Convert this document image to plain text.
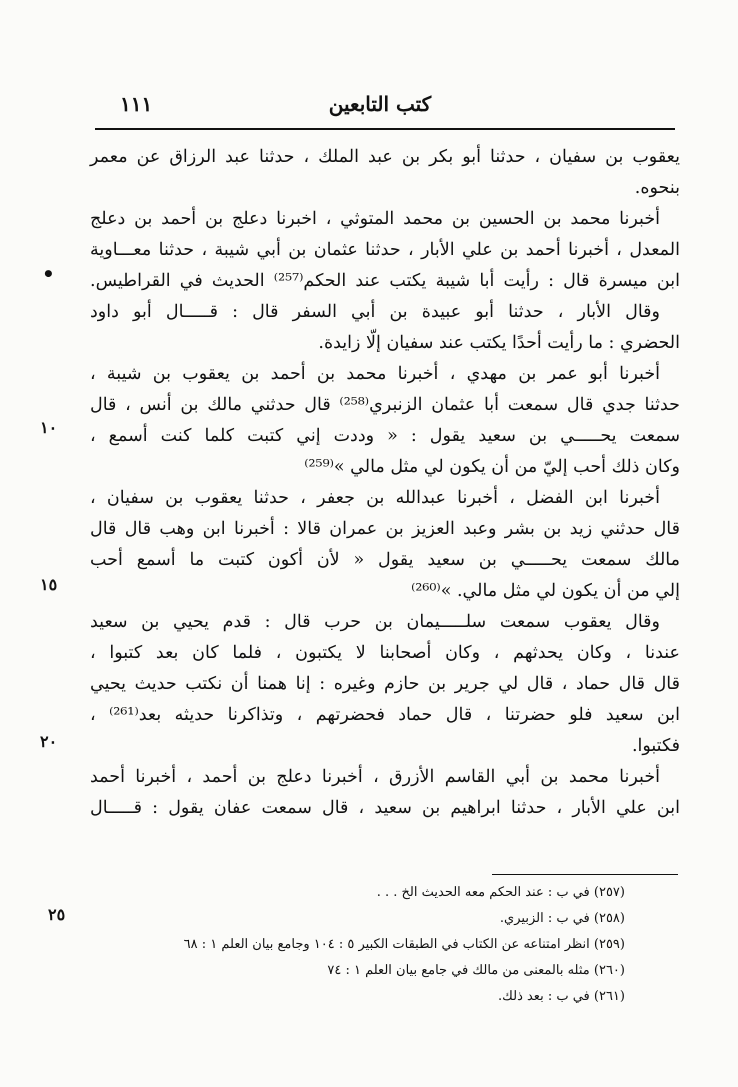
كتب التابعين
١١١
يعقوب بن سفيان ، حدثنا أبو بكر بن عبد الملك ، حدثنا عبد الرزاق عن معمر
بنحوه.
أخبرنا محمد بن الحسين بن محمد المتوثي ، اخبرنا دعلج بن أحمد بن دعلج
المعدل ، أخبرنا أحمد بن علي الأبار ، حدثنا عثمان بن أبي شيبة ، حدثنا معـــاوية
ابن ميسرة قال : رأيت أبا شيبة يكتب عند الحكم⁽²⁵⁷⁾ الحديث في القراطيس.
وقال الأبار ، حدثنا أبو عبيدة بن أبي السفر قال : قـــــال أبو داود
الحضري : ما رأيت أحدًا يكتب عند سفيان إلّا زايدة.
أخبرنا أبو عمر بن مهدي ، أخبرنا محمد بن أحمد بن يعقوب بن شيبة ،
حدثنا جدي قال سمعت أبا عثمان الزنبري⁽²⁵⁸⁾ قال حدثني مالك بن أنس ، قال
سمعت يحـــــي بن سعيد يقول : « وددت إني كتبت كلما كنت أسمع ،
وكان ذلك أحب إليّ من أن يكون لي مثل مالي »⁽²⁵⁹⁾
أخبرنا ابن الفضل ، أخبرنا عبدالله بن جعفر ، حدثنا يعقوب بن سفيان ،
قال حدثني زيد بن بشر وعبد العزيز بن عمران قالا : أخبرنا ابن وهب قال قال
مالك سمعت يحـــــي بن سعيد يقول « لأن أكون كتبت ما أسمع أحب
إلي من أن يكون لي مثل مالي. »⁽²⁶⁰⁾
وقال يعقوب سمعت سلـــــيمان بن حرب قال : قدم يحيي بن سعيد
عندنا ، وكان يحدثهم ، وكان أصحابنا لا يكتبون ، فلما كان بعد كتبوا ،
قال قال حماد ، قال لي جرير بن حازم وغيره : إنا همنا أن نكتب حديث يحيي
ابن سعيد فلو حضرتنا ، قال حماد فحضرتهم ، وتذاكرنا حديثه بعد⁽²⁶¹⁾ ،
فكتبوا.
أخبرنا محمد بن أبي القاسم الأزرق ، أخبرنا دعلج بن أحمد ، أخبرنا أحمد
ابن علي الأبار ، حدثنا ابراهيم بن سعيد ، قال سمعت عفان يقول : قـــــال
•
١٠
١٥
٢٠
٢٥
(٢٥٧) في ب : عند الحكم معه الحديث الخ . . .
(٢٥٨) في ب : الزبيري.
(٢٥٩) انظر امتناعه عن الكتاب في الطبقات الكبير ٥ : ١٠٤ وجامع بيان العلم ١ : ٦٨
(٢٦٠) مثله بالمعنى من مالك في جامع بيان العلم ١ : ٧٤
(٢٦١) في ب : بعد ذلك.
